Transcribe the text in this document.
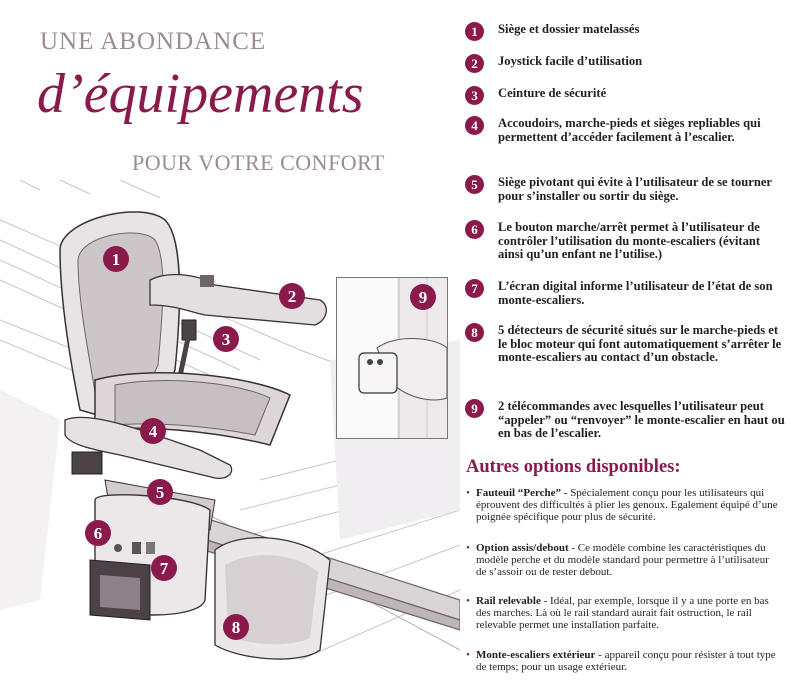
UNE ABONDANCE
d’équipements
POUR VOTRE CONFORT
1
2
3
4
5
6
7
8
9
1	Siège et dossier matelassés
2	Joystick facile d’utilisation
3	Ceinture de sécurité
4	Accoudoirs, marche-pieds et sièges repliables qui permettent d’accéder facilement à l’escalier.
5	Siège pivotant qui évite à l’utilisateur de se tourner pour s’installer ou sortir du siège.
6	Le bouton marche/arrêt permet à l’utilisateur de contrôler l’utilisation du monte-escaliers (évitant ainsi qu’un enfant ne l’utilise.)
7	L’écran digital informe l’utilisateur de l’état de son monte-escaliers.
8	5 détecteurs de sécurité situés sur le marche-pieds et le bloc moteur qui font automatiquement s’arrêter le monte-escaliers au contact d’un obstacle.
9	2 télécommandes avec lesquelles l’utilisateur peut “appeler” ou “renvoyer” le monte-escalier en haut ou en bas de l’escalier.
Autres options disponibles:
• Fauteuil “Perche” - Spécialement conçu pour les utilisateurs qui éprouvent des difficultés à plier les genoux. Egalement équipé d’une poignée spécifique pour plus de sécurité.
• Option assis/debout - Ce modèle combine les caractéristiques du modèle perche et du modèle standard pour permettre à l’utilisateur de s’assoir ou de rester debout.
• Rail relevable - Idéal, par exemple, lorsque il y a une porte en bas des marches. Là où le rail standard aurait fait ostruction, le rail relevable permet une installation parfaite.
• Monte-escaliers extérieur - appareil conçu pour résister à tout type de temps; pour un usage extérieur.
